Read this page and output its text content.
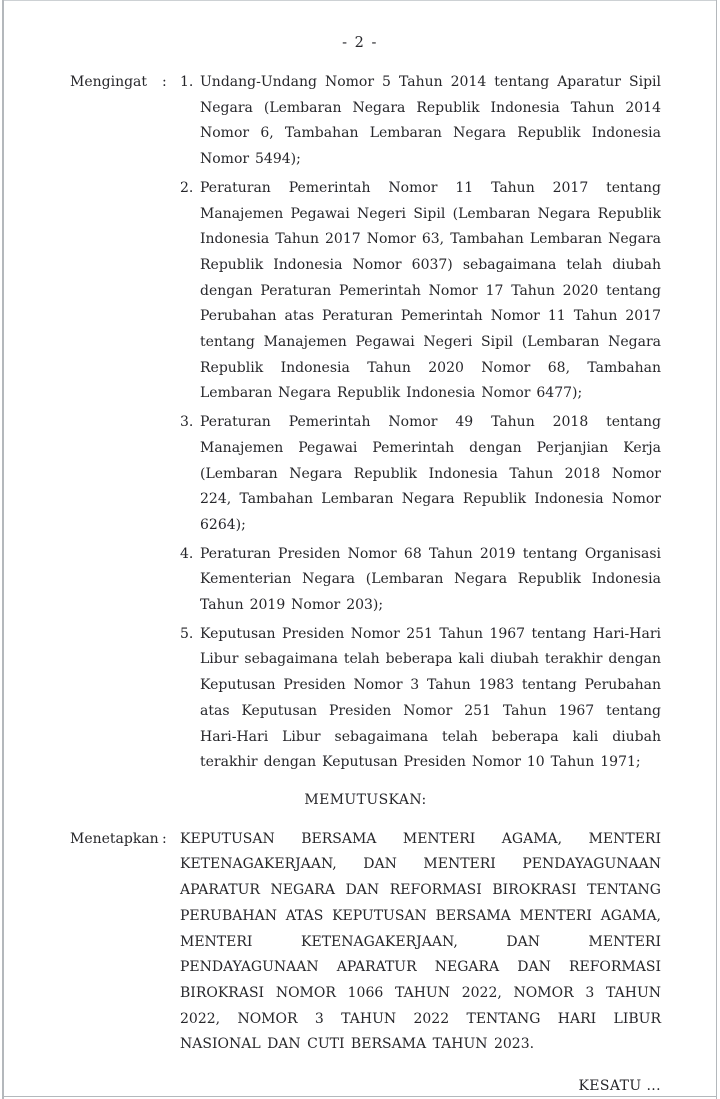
- 2 -
Mengingat	: 1. Undang-Undang Nomor 5 Tahun 2014 tentang Aparatur Sipil Negara (Lembaran Negara Republik Indonesia Tahun 2014 Nomor 6, Tambahan Lembaran Negara Republik Indonesia Nomor 5494);
2. Peraturan Pemerintah Nomor 11 Tahun 2017 tentang Manajemen Pegawai Negeri Sipil (Lembaran Negara Republik Indonesia Tahun 2017 Nomor 63, Tambahan Lembaran Negara Republik Indonesia Nomor 6037) sebagaimana telah diubah dengan Peraturan Pemerintah Nomor 17 Tahun 2020 tentang Perubahan atas Peraturan Pemerintah Nomor 11 Tahun 2017 tentang Manajemen Pegawai Negeri Sipil (Lembaran Negara Republik Indonesia Tahun 2020 Nomor 68, Tambahan Lembaran Negara Republik Indonesia Nomor 6477);
3. Peraturan Pemerintah Nomor 49 Tahun 2018 tentang Manajemen Pegawai Pemerintah dengan Perjanjian Kerja (Lembaran Negara Republik Indonesia Tahun 2018 Nomor 224, Tambahan Lembaran Negara Republik Indonesia Nomor 6264);
4. Peraturan Presiden Nomor 68 Tahun 2019 tentang Organisasi Kementerian Negara (Lembaran Negara Republik Indonesia Tahun 2019 Nomor 203);
5. Keputusan Presiden Nomor 251 Tahun 1967 tentang Hari-Hari Libur sebagaimana telah beberapa kali diubah terakhir dengan Keputusan Presiden Nomor 3 Tahun 1983 tentang Perubahan atas Keputusan Presiden Nomor 251 Tahun 1967 tentang Hari-Hari Libur sebagaimana telah beberapa kali diubah terakhir dengan Keputusan Presiden Nomor 10 Tahun 1971;
MEMUTUSKAN:
Menetapkan : KEPUTUSAN BERSAMA MENTERI AGAMA, MENTERI KETENAGAKERJAAN, DAN MENTERI PENDAYAGUNAAN APARATUR NEGARA DAN REFORMASI BIROKRASI TENTANG PERUBAHAN ATAS KEPUTUSAN BERSAMA MENTERI AGAMA, MENTERI KETENAGAKERJAAN, DAN MENTERI PENDAYAGUNAAN APARATUR NEGARA DAN REFORMASI BIROKRASI NOMOR 1066 TAHUN 2022, NOMOR 3 TAHUN 2022, NOMOR 3 TAHUN 2022 TENTANG HARI LIBUR NASIONAL DAN CUTI BERSAMA TAHUN 2023.
KESATU ...
